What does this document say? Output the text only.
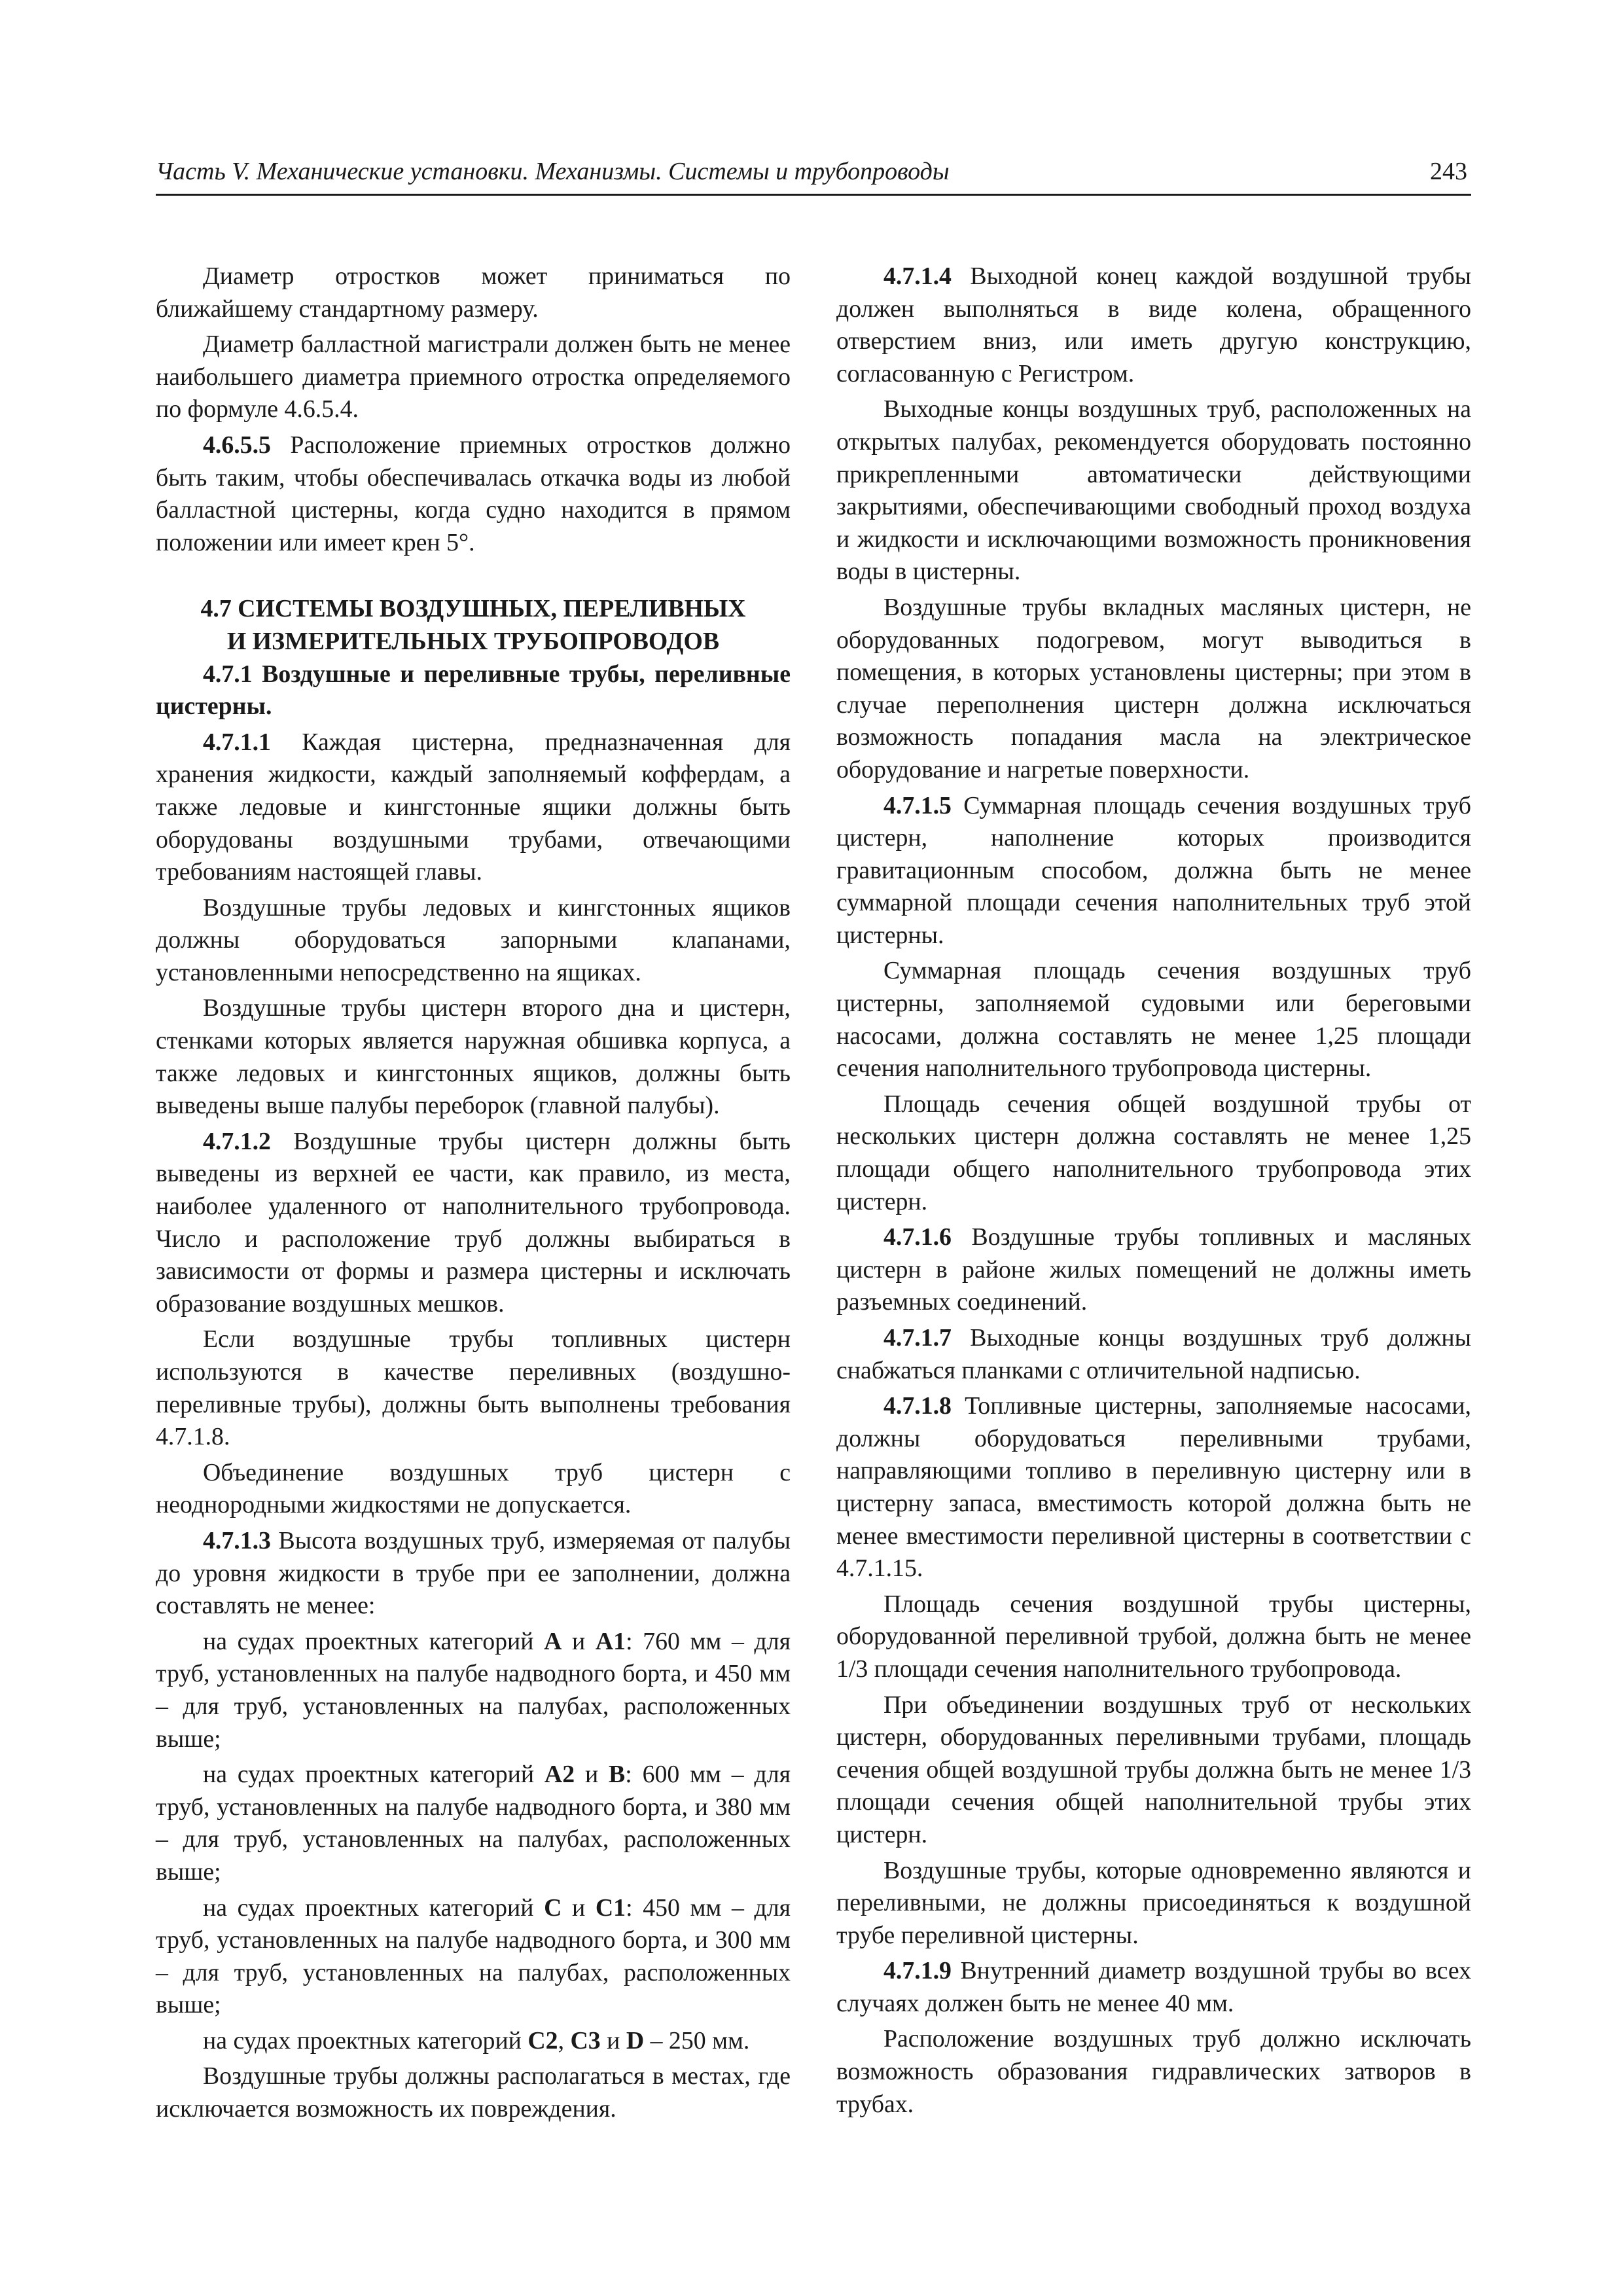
Часть V. Механические установки. Механизмы. Системы и трубопроводы	243

Диаметр отростков может приниматься по ближайшему стандартному размеру.

Диаметр балластной магистрали должен быть не менее наибольшего диаметра приемного отростка определяемого по формуле 4.6.5.4.

4.6.5.5 Расположение приемных отростков должно быть таким, чтобы обеспечивалась откачка воды из любой балластной цистерны, когда судно находится в прямом положении или имеет крен 5°.

4.7 СИСТЕМЫ ВОЗДУШНЫХ, ПЕРЕЛИВНЫХ
И ИЗМЕРИТЕЛЬНЫХ ТРУБОПРОВОДОВ

4.7.1 Воздушные и переливные трубы, переливные цистерны.

4.7.1.1 Каждая цистерна, предназначенная для хранения жидкости, каждый заполняемый коффердам, а также ледовые и кингстонные ящики должны быть оборудованы воздушными трубами, отвечающими требованиям настоящей главы.

Воздушные трубы ледовых и кингстонных ящиков должны оборудоваться запорными клапанами, установленными непосредственно на ящиках.

Воздушные трубы цистерн второго дна и цистерн, стенками которых является наружная обшивка корпуса, а также ледовых и кингстонных ящиков, должны быть выведены выше палубы переборок (главной палубы).

4.7.1.2 Воздушные трубы цистерн должны быть выведены из верхней ее части, как правило, из места, наиболее удаленного от наполнительного трубопровода. Число и расположение труб должны выбираться в зависимости от формы и размера цистерны и исключать образование воздушных мешков.

Если воздушные трубы топливных цистерн используются в качестве переливных (воздушно-переливные трубы), должны быть выполнены требования 4.7.1.8.

Объединение воздушных труб цистерн с неоднородными жидкостями не допускается.

4.7.1.3 Высота воздушных труб, измеряемая от палубы до уровня жидкости в трубе при ее заполнении, должна составлять не менее:

на судах проектных категорий А и А1: 760 мм – для труб, установленных на палубе надводного борта, и 450 мм – для труб, установленных на палубах, расположенных выше;

на судах проектных категорий А2 и В: 600 мм – для труб, установленных на палубе надводного борта, и 380 мм – для труб, установленных на палубах, расположенных выше;

на судах проектных категорий С и С1: 450 мм – для труб, установленных на палубе надводного борта, и 300 мм – для труб, установленных на палубах, расположенных выше;

на судах проектных категорий С2, С3 и D – 250 мм.

Воздушные трубы должны располагаться в местах, где исключается возможность их повреждения.

4.7.1.4 Выходной конец каждой воздушной трубы должен выполняться в виде колена, обращенного отверстием вниз, или иметь другую конструкцию, согласованную с Регистром.

Выходные концы воздушных труб, расположенных на открытых палубах, рекомендуется оборудовать постоянно прикрепленными автоматически действующими закрытиями, обеспечивающими свободный проход воздуха и жидкости и исключающими возможность проникновения воды в цистерны.

Воздушные трубы вкладных масляных цистерн, не оборудованных подогревом, могут выводиться в помещения, в которых установлены цистерны; при этом в случае переполнения цистерн должна исключаться возможность попадания масла на электрическое оборудование и нагретые поверхности.

4.7.1.5 Суммарная площадь сечения воздушных труб цистерн, наполнение которых производится гравитационным способом, должна быть не менее суммарной площади сечения наполнительных труб этой цистерны.

Суммарная площадь сечения воздушных труб цистерны, заполняемой судовыми или береговыми насосами, должна составлять не менее 1,25 площади сечения наполнительного трубопровода цистерны.

Площадь сечения общей воздушной трубы от нескольких цистерн должна составлять не менее 1,25 площади общего наполнительного трубопровода этих цистерн.

4.7.1.6 Воздушные трубы топливных и масляных цистерн в районе жилых помещений не должны иметь разъемных соединений.

4.7.1.7 Выходные концы воздушных труб должны снабжаться планками с отличительной надписью.

4.7.1.8 Топливные цистерны, заполняемые насосами, должны оборудоваться переливными трубами, направляющими топливо в переливную цистерну или в цистерну запаса, вместимость которой должна быть не менее вместимости переливной цистерны в соответствии с 4.7.1.15.

Площадь сечения воздушной трубы цистерны, оборудованной переливной трубой, должна быть не менее 1/3 площади сечения наполнительного трубопровода.

При объединении воздушных труб от нескольких цистерн, оборудованных переливными трубами, площадь сечения общей воздушной трубы должна быть не менее 1/3 площади сечения общей наполнительной трубы этих цистерн.

Воздушные трубы, которые одновременно являются и переливными, не должны присоединяться к воздушной трубе переливной цистерны.

4.7.1.9 Внутренний диаметр воздушной трубы во всех случаях должен быть не менее 40 мм.

Расположение воздушных труб должно исключать возможность образования гидравлических затворов в трубах.
